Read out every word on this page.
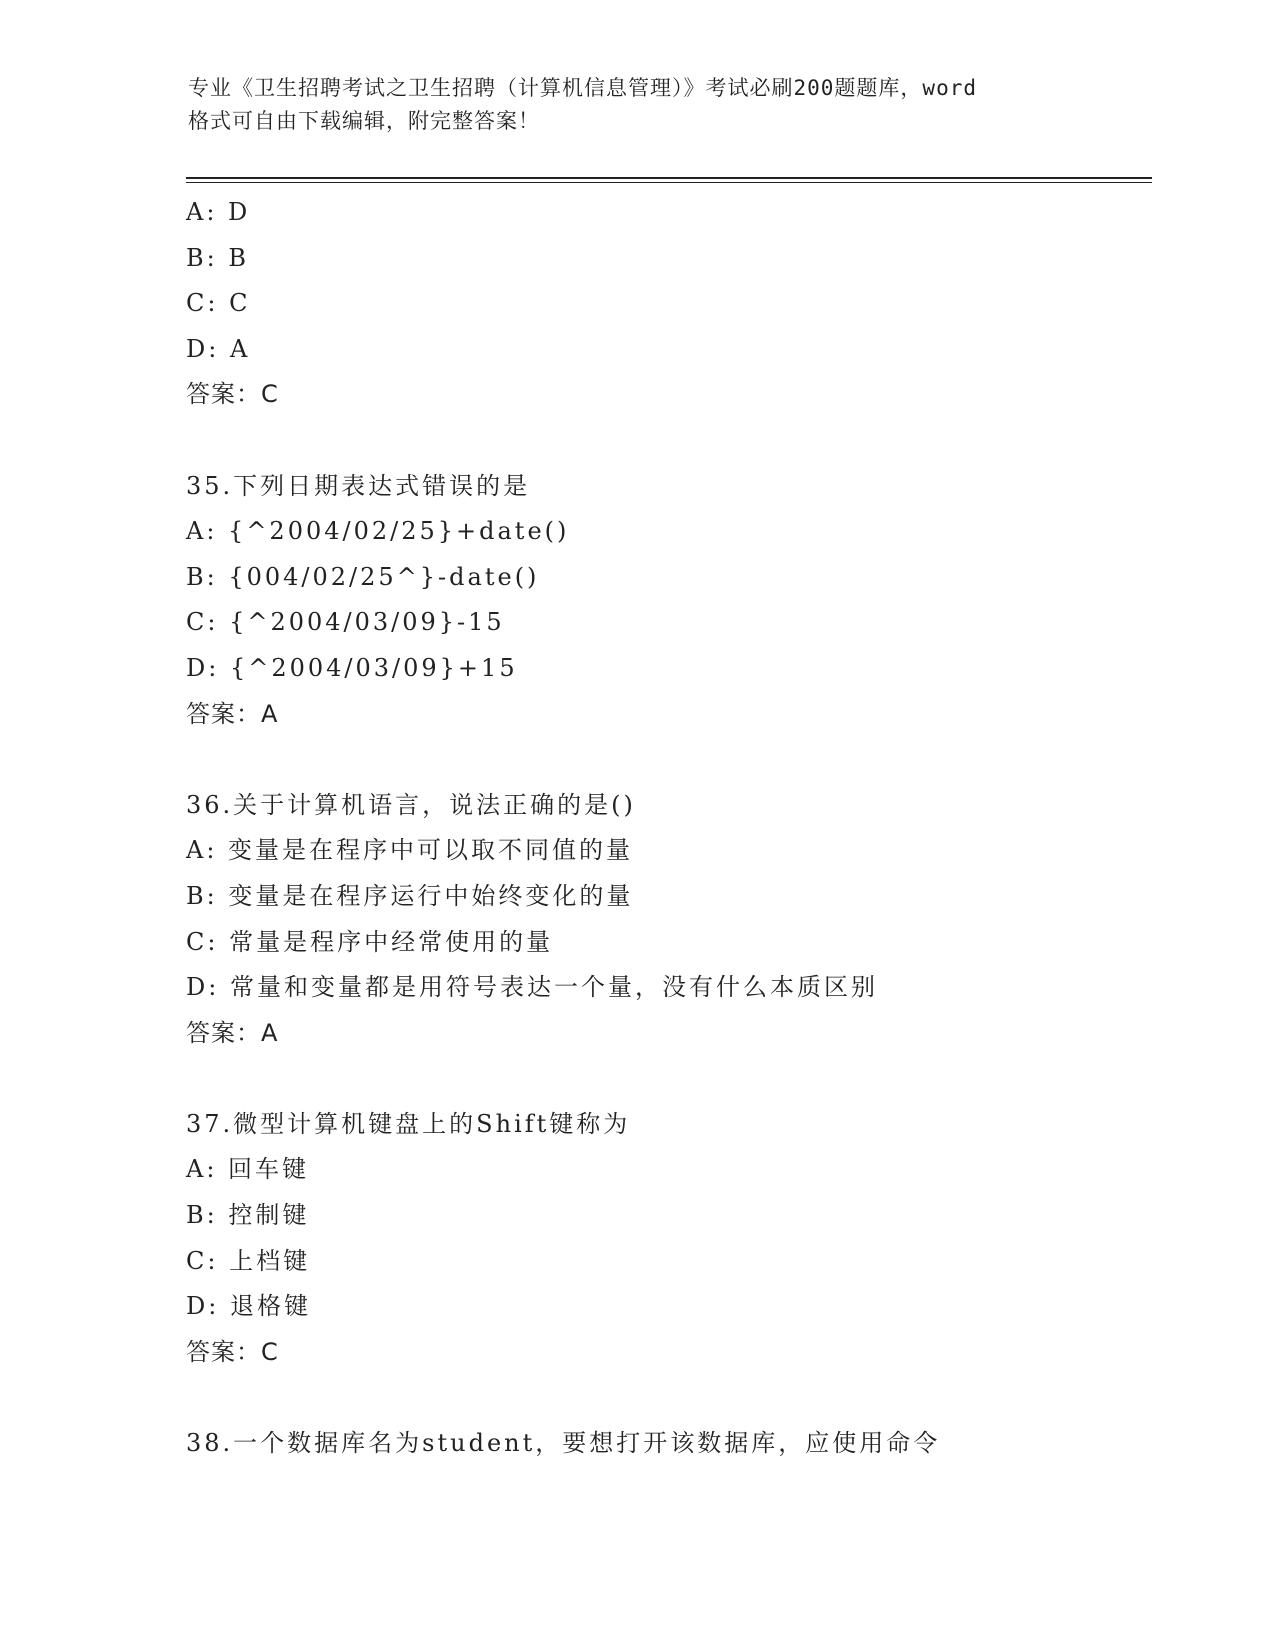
专业《卫生招聘考试之卫生招聘（计算机信息管理）》考试必刷200题题库，word
格式可自由下载编辑，附完整答案！
A: D
B: B
C: C
D: A
答案：C
35.下列日期表达式错误的是
A: {^2004/02/25}+date()
B: {004/02/25^}-date()
C: {^2004/03/09}-15
D: {^2004/03/09}+15
答案：A
36.关于计算机语言，说法正确的是()
A: 变量是在程序中可以取不同值的量
B: 变量是在程序运行中始终变化的量
C: 常量是程序中经常使用的量
D: 常量和变量都是用符号表达一个量，没有什么本质区别
答案：A
37.微型计算机键盘上的Shift键称为
A: 回车键
B: 控制键
C: 上档键
D: 退格键
答案：C
38.一个数据库名为student，要想打开该数据库，应使用命令
